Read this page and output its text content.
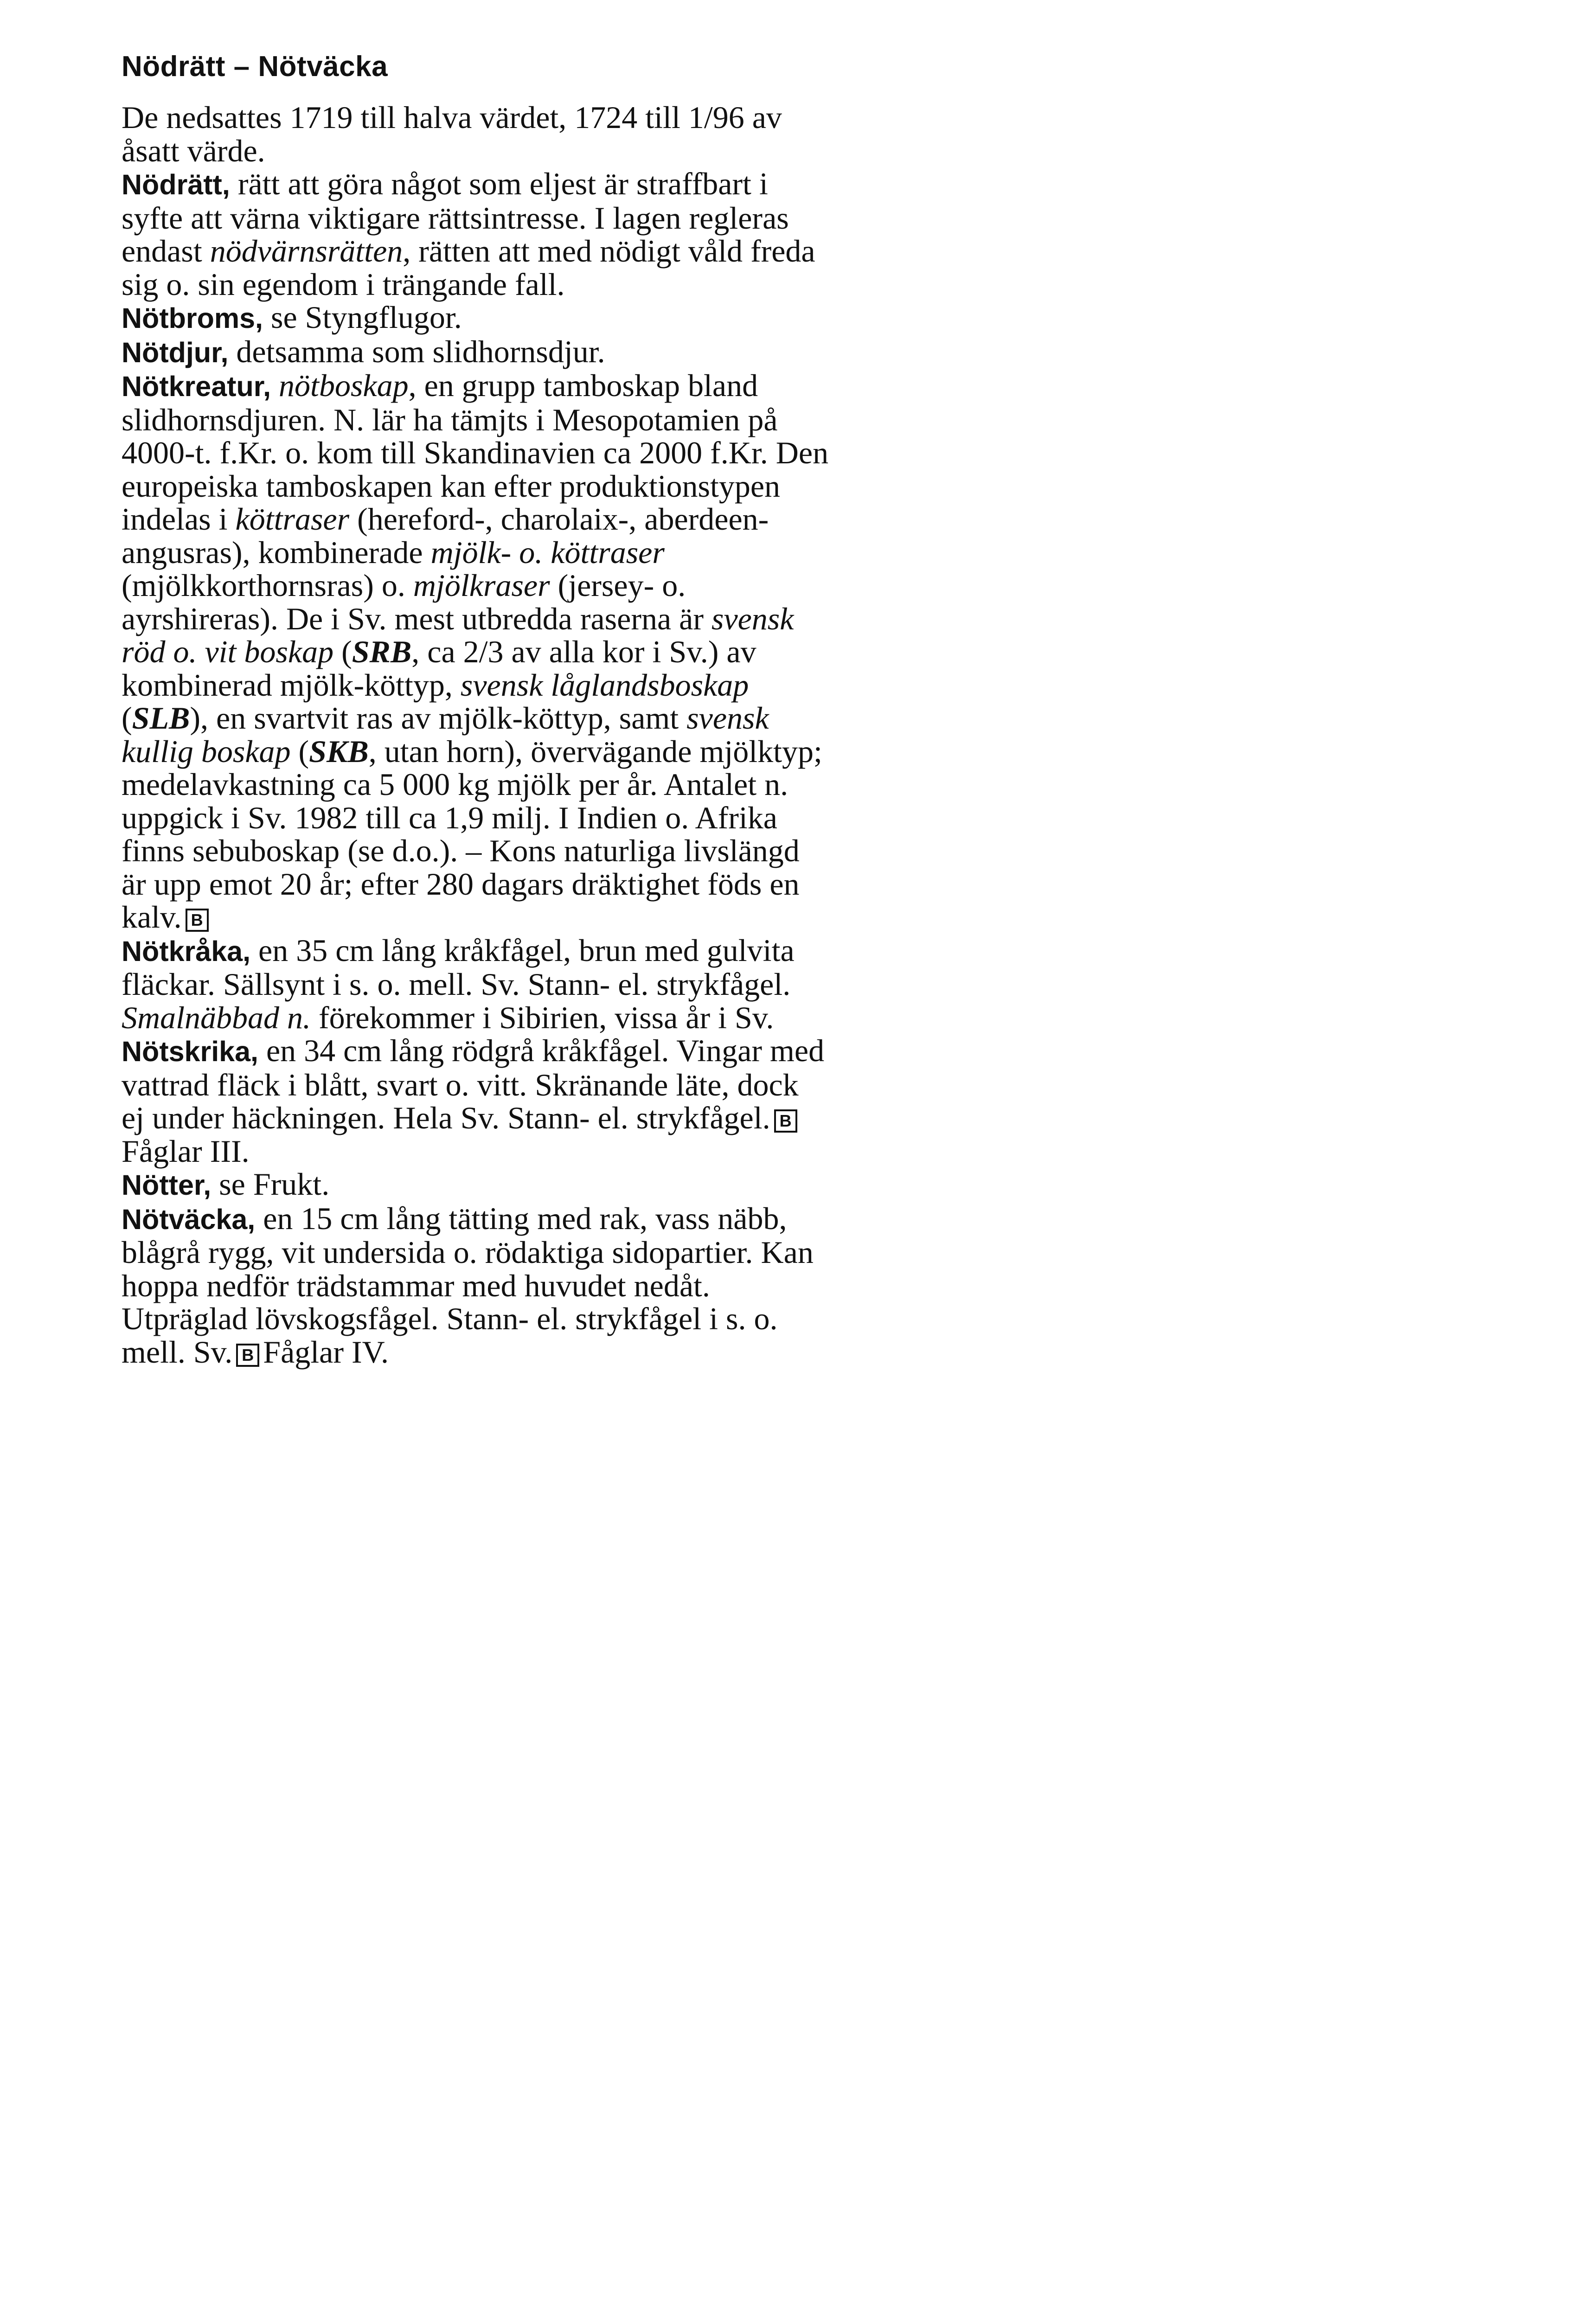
Nödrätt – Nötväcka

De nedsattes 1719 till halva värdet, 1724 till 1/96 av åsatt värde.

Nödrätt, rätt att göra något som eljest är straffbart i syfte att värna viktigare rättsintresse. I lagen regleras endast nödvärnsrätten, rätten att med nödigt våld freda sig o. sin egendom i trängande fall.

Nötbroms, se Styngflugor.

Nötdjur, detsamma som slidhornsdjur.

Nötkreatur, nötboskap, en grupp tamboskap bland slidhornsdjuren. N. lär ha tämjts i Mesopotamien på 4000-t. f.Kr. o. kom till Skandinavien ca 2000 f.Kr. Den europeiska tamboskapen kan efter produktionstypen indelas i köttraser (hereford-, charolaix-, aberdeen-angusras), kombinerade mjölk- o. köttraser (mjölkkorthornsras) o. mjölkraser (jersey- o. ayrshireras). De i Sv. mest utbredda raserna är svensk röd o. vit boskap (SRB, ca 2/3 av alla kor i Sv.) av kombinerad mjölk-köttyp, svensk låglandsboskap (SLB), en svartvit ras av mjölk-köttyp, samt svensk kullig boskap (SKB, utan horn), övervägande mjölktyp; medelavkastning ca 5 000 kg mjölk per år. Antalet n. uppgick i Sv. 1982 till ca 1,9 milj. I Indien o. Afrika finns sebuboskap (se d.o.). – Kons naturliga livslängd är upp emot 20 år; efter 280 dagars dräktighet föds en kalv. B

Nötkråka, en 35 cm lång kråkfågel, brun med gulvita fläckar. Sällsynt i s. o. mell. Sv. Stann- el. strykfågel. Smalnäbbad n. förekommer i Sibirien, vissa år i Sv.

Nötskrika, en 34 cm lång rödgrå kråkfågel. Vingar med vattrad fläck i blått, svart o. vitt. Skränande läte, dock ej under häckningen. Hela Sv. Stann- el. strykfågel. BFåglar III.

Nötter, se Frukt.

Nötväcka, en 15 cm lång tätting med rak, vass näbb, blågrå rygg, vit undersida o. rödaktiga sidopartier. Kan hoppa nedför trädstammar med huvudet nedåt. Utpräglad lövskogsfågel. Stann- el. strykfågel i s. o. mell. Sv. B Fåglar IV.
